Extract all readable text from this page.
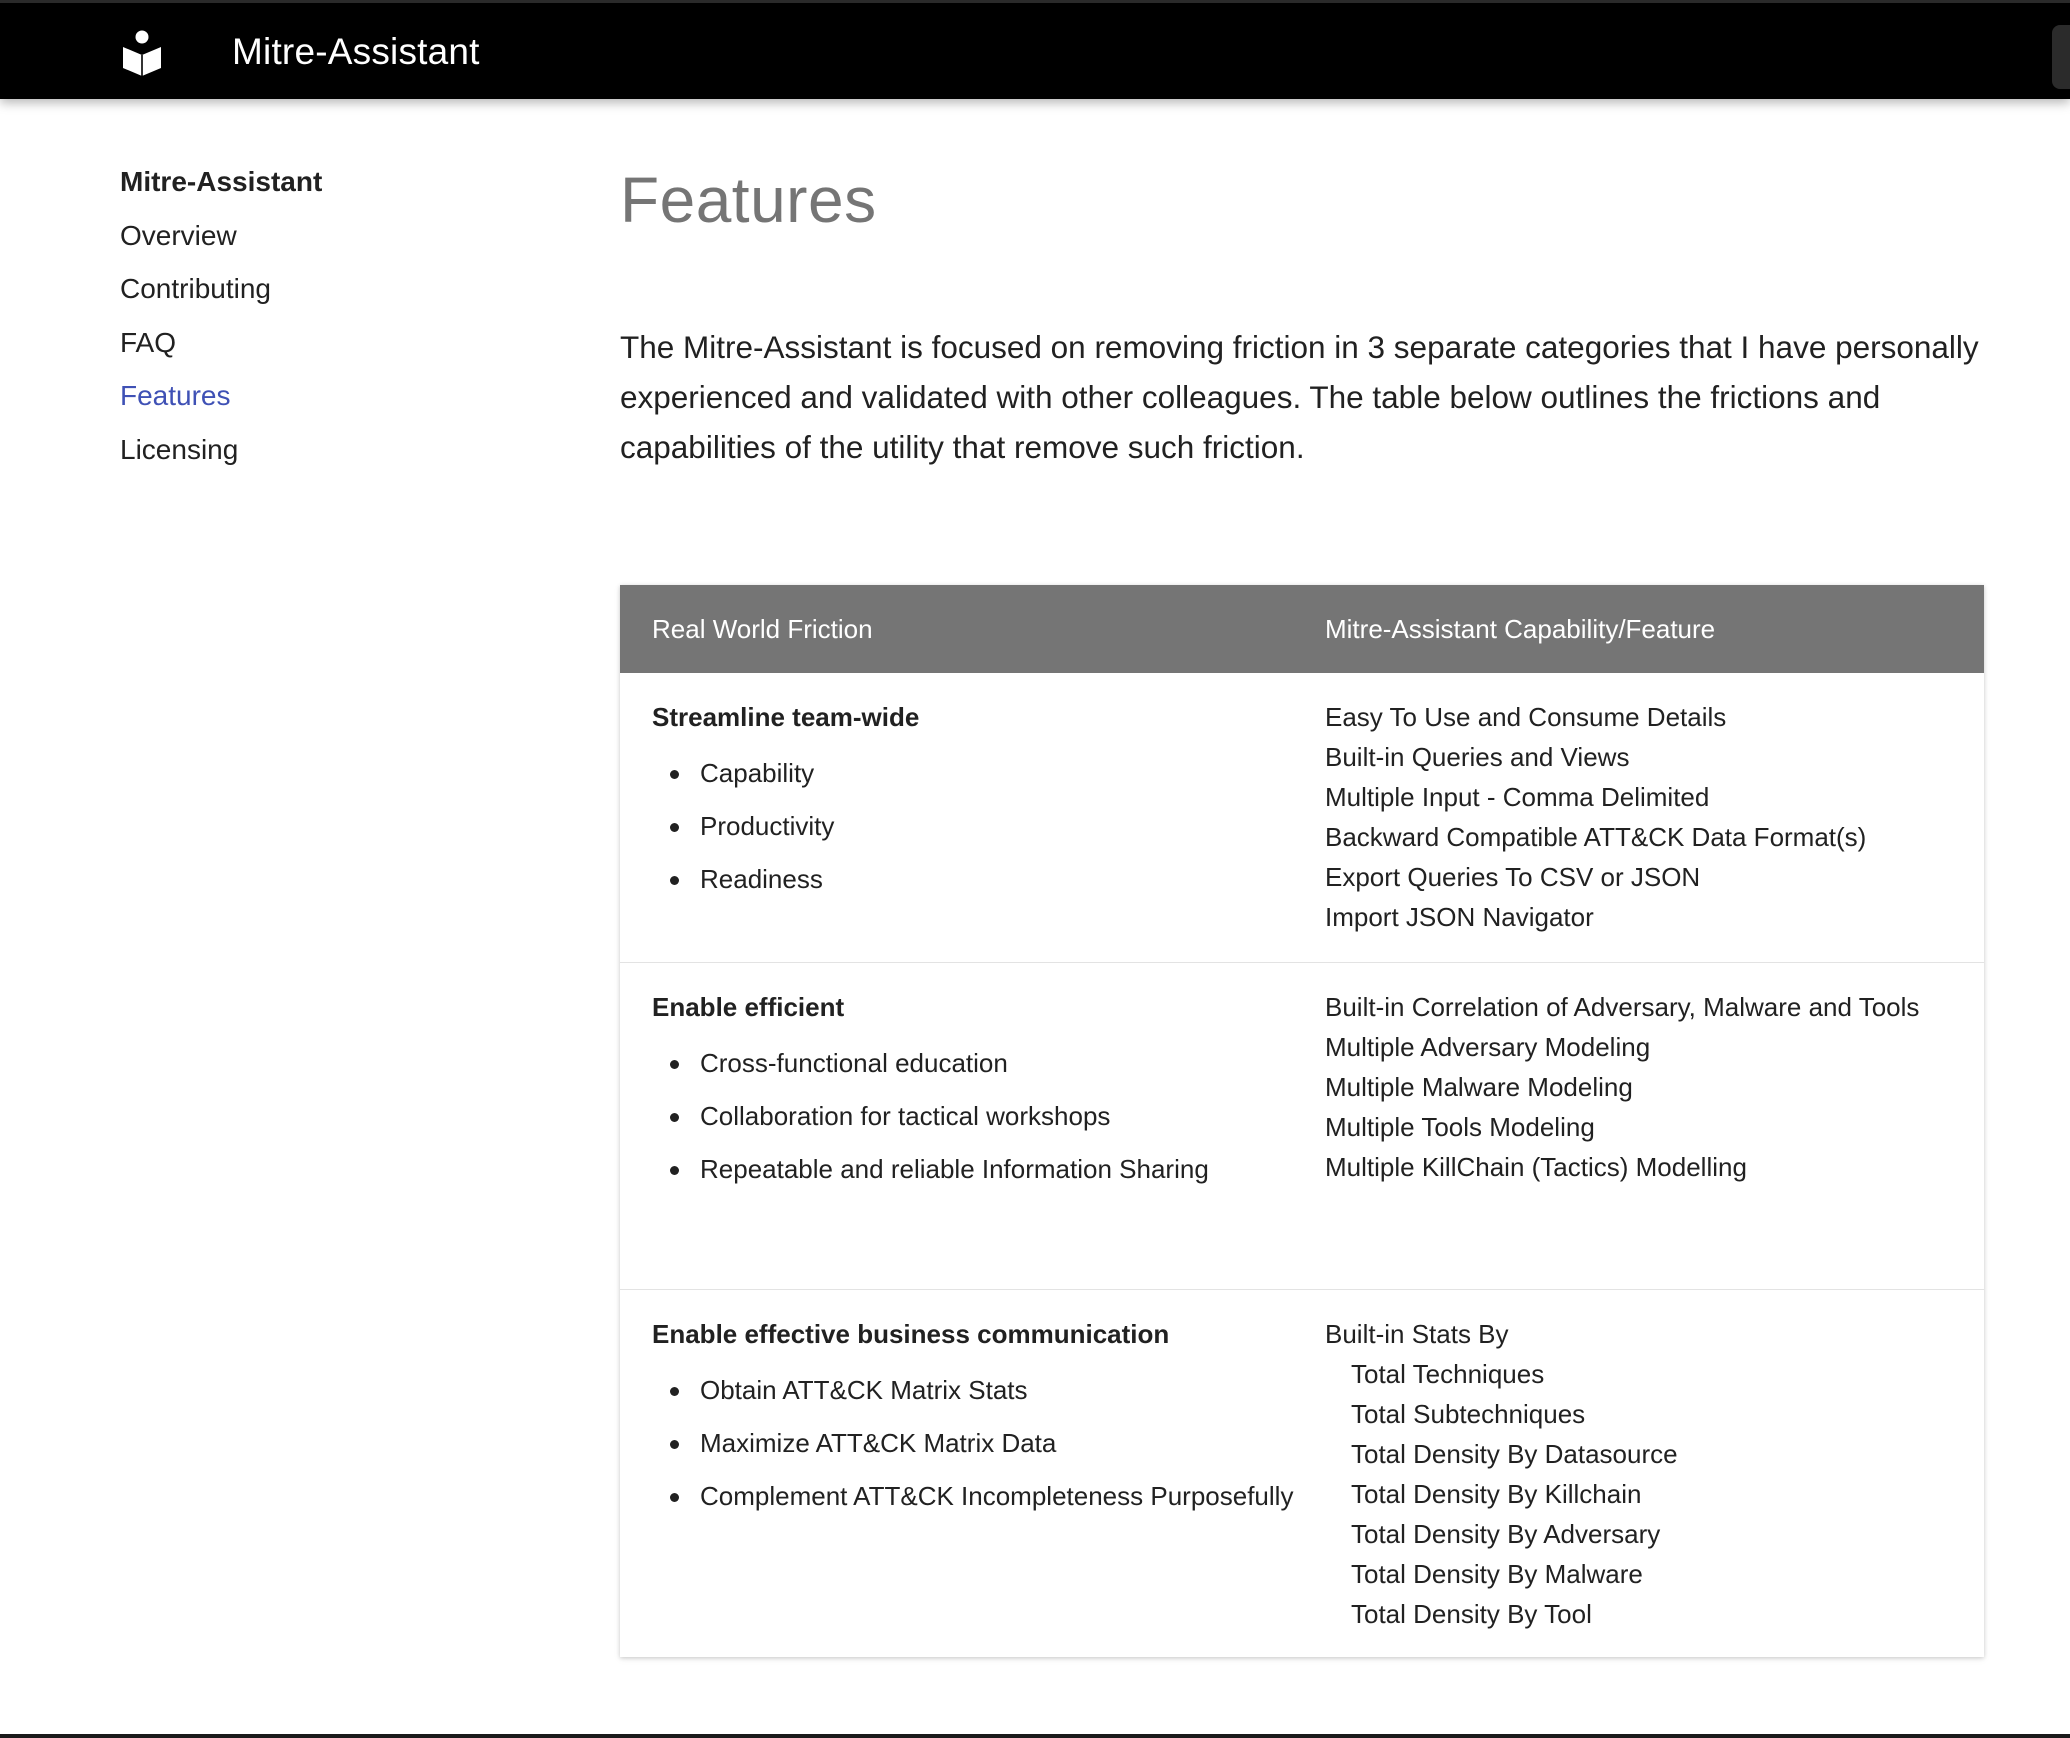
Mitre-Assistant
Mitre-Assistant
Overview
Contributing
FAQ
Features
Licensing
Features

The Mitre-Assistant is focused on removing friction in 3 separate categories that I have personally experienced and validated with other colleagues. The table below outlines the frictions and capabilities of the utility that remove such friction.

Real World Friction	Mitre-Assistant Capability/Feature
Streamline team-wide
Capability
Productivity
Readiness
Easy To Use and Consume Details
Built-in Queries and Views
Multiple Input - Comma Delimited
Backward Compatible ATT&CK Data Format(s)
Export Queries To CSV or JSON
Import JSON Navigator
Enable efficient
Cross-functional education
Collaboration for tactical workshops
Repeatable and reliable Information Sharing
Built-in Correlation of Adversary, Malware and Tools
Multiple Adversary Modeling
Multiple Malware Modeling
Multiple Tools Modeling
Multiple KillChain (Tactics) Modelling
Enable effective business communication
Obtain ATT&CK Matrix Stats
Maximize ATT&CK Matrix Data
Complement ATT&CK Incompleteness Purposefully
Built-in Stats By
Total Techniques
Total Subtechniques
Total Density By Datasource
Total Density By Killchain
Total Density By Adversary
Total Density By Malware
Total Density By Tool
